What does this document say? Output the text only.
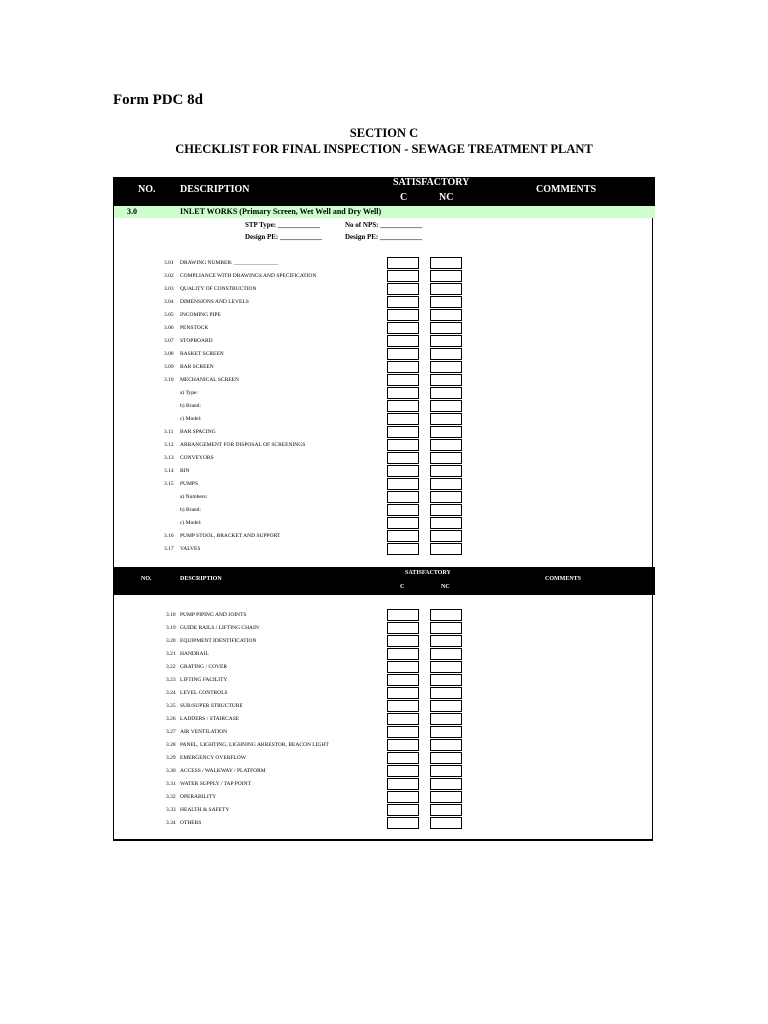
Form PDC 8d
SECTION C
CHECKLIST FOR FINAL INSPECTION - SEWAGE TREATMENT PLANT
NO. DESCRIPTION
SATISFACTORY
C	NC
COMMENTS
3.0	INLET WORKS (Primary Screen, Wet Well and Dry Well)
STP Type: ____________	No of NPS: ____________
Design PE: ____________	Design PE: ____________
3.01 DRAWING NUMBER: ________________
3.02 COMPLIANCE WITH DRAWINGS AND SPECIFICATION
3.03 QUALITY OF CONSTRUCTION
3.04 DIMENSIONS AND LEVELS
3.05 INCOMING PIPE
3.06 PENSTOCK
3.07 STOPBOARD
3.08 BASKET SCREEN
3.09 BAR SCREEN
3.10 MECHANICAL SCREEN
a) Type:
b) Brand:
c) Model:
3.11 BAR SPACING
3.12 ARRANGEMENT FOR DISPOSAL OF SCREENINGS
3.13 CONVEYORS
3.14 BIN
3.15 PUMPS
a) Numbers:
b) Brand:
c) Model:
3.16 PUMP STOOL, BRACKET AND SUPPORT
3.17 VALVES
NO.	DESCRIPTION
SATISFACTORY
C	NC
COMMENTS
3.18 PUMP PIPING AND JOINTS
3.19 GUIDE RAILS / LIFTING CHAIN
3.20 EQUIPMENT IDENTIFICATION
3.21 HANDRAIL
3.22 GRATING / COVER
3.23 LIFTING FACILITY
3.24 LEVEL CONTROLS
3.25 SUB/SUPER STRUCTURE
3.26 LADDERS / STAIRCASE
3.27 AIR VENTILATION
3.28 PANEL, LIGHTING, LIGHNING ARRESTOR, BEACON LIGHT
3.29 EMERGENCY OVERFLOW
3.30 ACCESS / WALKWAY / PLATFORM
3.31 WATER SUPPLY / TAP POINT
3.32 OPERABILITY
3.33 HEALTH & SAFETY
3.34 OTHERS
